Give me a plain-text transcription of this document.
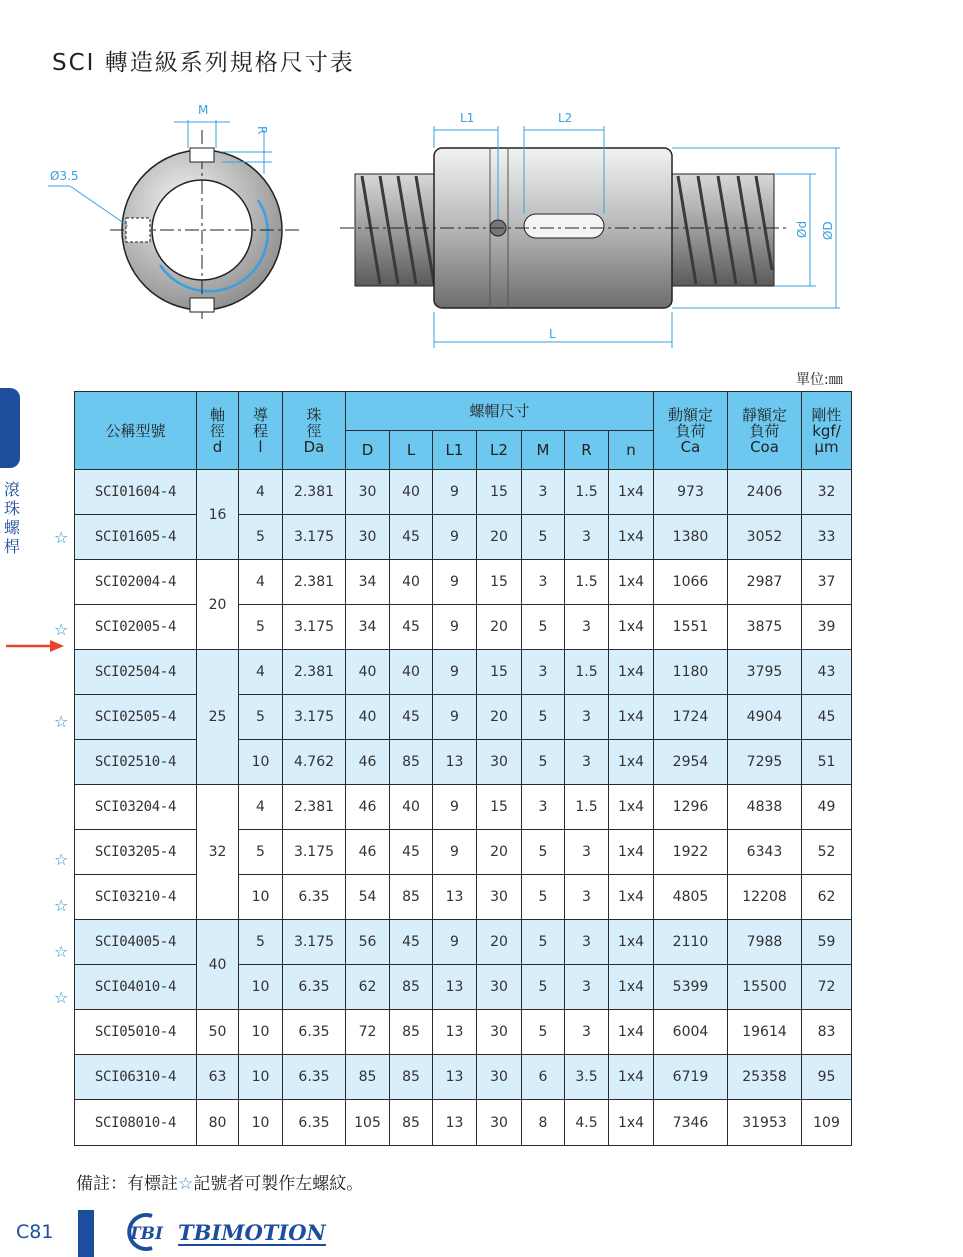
SCI 轉造級系列規格尺寸表
M
R
Ø3.5
L1	L2
L
Ød ØD
滾珠螺桿
單位:㎜
公稱型號	軸
徑
d	導
程
l	珠
徑
Da	螺帽尺寸							動額定
負荷
Ca	靜額定
負荷
Coa	剛性
kgf/
μm
				D	L	L1	L2	M	R	n			
SCI01604-4	16	4	2.381	30	40	9	15	3	1.5	1x4	973	2406	32
SCI01605-4		5	3.175	30	45	9	20	5	3	1x4	1380	3052	33
SCI02004-4	20	4	2.381	34	40	9	15	3	1.5	1x4	1066	2987	37
SCI02005-4		5	3.175	34	45	9	20	5	3	1x4	1551	3875	39
SCI02504-4	25	4	2.381	40	40	9	15	3	1.5	1x4	1180	3795	43
SCI02505-4		5	3.175	40	45	9	20	5	3	1x4	1724	4904	45
SCI02510-4		10	4.762	46	85	13	30	5	3	1x4	2954	7295	51
SCI03204-4	32	4	2.381	46	40	9	15	3	1.5	1x4	1296	4838	49
SCI03205-4		5	3.175	46	45	9	20	5	3	1x4	1922	6343	52
SCI03210-4		10	6.35	54	85	13	30	5	3	1x4	4805	12208	62
SCI04005-4	40	5	3.175	56	45	9	20	5	3	1x4	2110	7988	59
SCI04010-4		10	6.35	62	85	13	30	5	3	1x4	5399	15500	72
SCI05010-4	50	10	6.35	72	85	13	30	5	3	1x4	6004	19614	83
SCI06310-4	63	10	6.35	85	85	13	30	6	3.5	1x4	6719	25358	95
SCI08010-4	80	10	6.35	105	85	13	30	8	4.5	1x4	7346	31953	109
☆
☆
☆
☆
☆
☆
☆
備註：有標註☆記號者可製作左螺紋。
C81	TBI TBIMOTION
